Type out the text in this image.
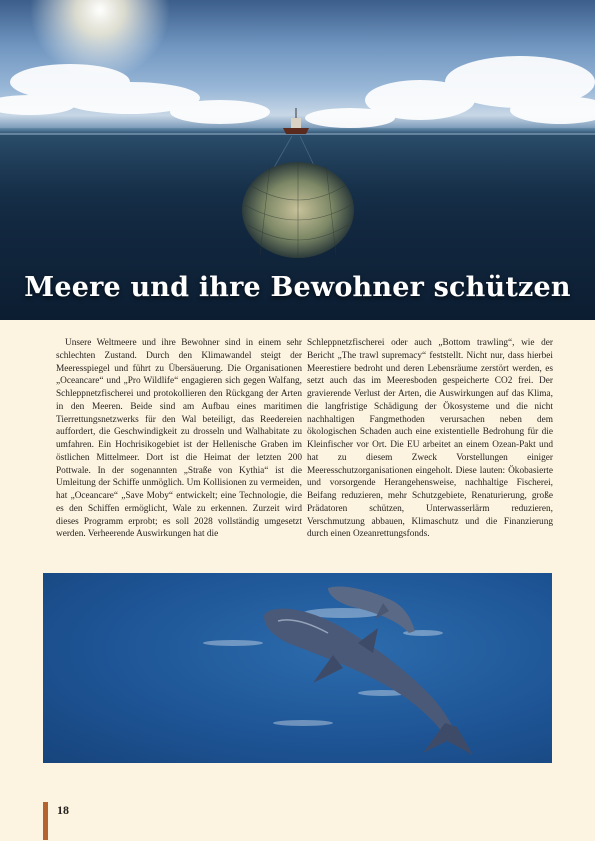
Meere und ihre Bewohner schützen

Unsere Weltmeere und ihre Bewohner sind in einem sehr schlechten Zustand. Durch den Klimawandel steigt der Meeresspiegel und führt zu Übersäuerung. Die Organisationen „Oceancare“ und „Pro Wildlife“ engagieren sich gegen Walfang, Schleppnetzfischerei und protokollieren den Rückgang der Arten in den Meeren. Beide sind am Aufbau eines maritimen Tierrettungsnetzwerks für den Wal beteiligt, das Reedereien auffordert, die Geschwindigkeit zu drosseln und Walhabitate zu umfahren. Ein Hochrisikogebiet ist der Hellenische Graben im östlichen Mittelmeer. Dort ist die Heimat der letzten 200 Pottwale. In der sogenannten „Straße von Kythia“ ist die Umleitung der Schiffe unmöglich. Um Kollisionen zu vermeiden, hat „Oceancare“ „Save Moby“ entwickelt; eine Technologie, die es den Schiffen ermöglicht, Wale zu erkennen. Zurzeit wird dieses Programm erprobt; es soll 2028 vollständig umgesetzt werden. Verheerende Auswirkungen hat die

Schleppnetzfischerei oder auch „Bottom trawling“, wie der Bericht „The trawl supremacy“ feststellt. Nicht nur, dass hierbei Meerestiere bedroht und deren Lebensräume zerstört werden, es setzt auch das im Meeresboden gespeicherte CO2 frei. Der gravierende Verlust der Arten, die Auswirkungen auf das Klima, die langfristige Schädigung der Ökosysteme und die nicht nachhaltigen Fangmethoden verursachen neben dem ökologischen Schaden auch eine existentielle Bedrohung für die Kleinfischer vor Ort. Die EU arbeitet an einem Ozean-Pakt und hat zu diesem Zweck Vorstellungen einiger Meeresschutzorganisationen eingeholt. Diese lauten: Ökobasierte und vorsorgende Herangehensweise, nachhaltige Fischerei, Beifang reduzieren, mehr Schutzgebiete, Renaturierung, große Prädatoren schützen, Unterwasserlärm reduzieren, Verschmutzung abbauen, Klimaschutz und die Finanzierung durch einen Ozeanrettungsfonds.

18
